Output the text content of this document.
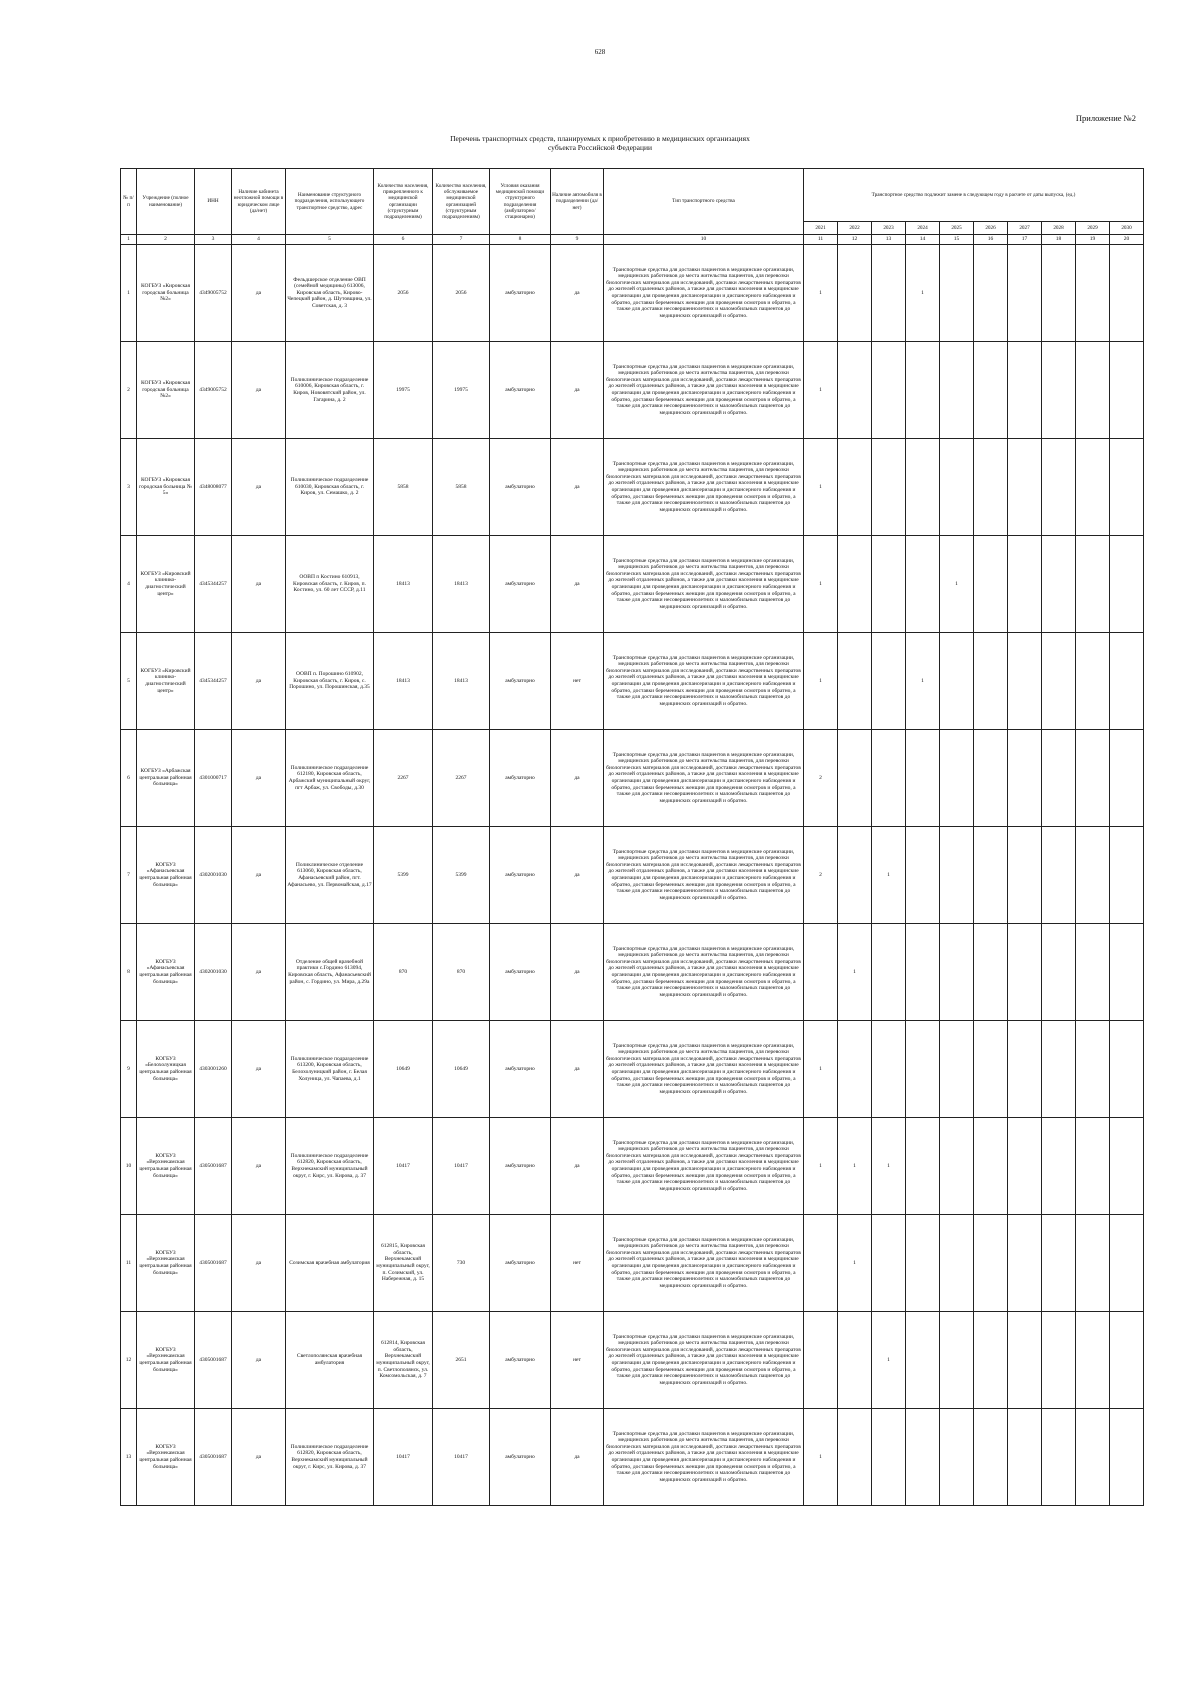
628
Приложение №2
Перечень транспортных средств, планируемых к приобретению в медицинских организациях
субъекта Российской Федерации
№ п/п	Учреждение (полное наименование)	ИНН	Наличие кабинета неотложной помощи в юридическом лице (да/нет)	Наименование структурного подразделения, использующего транспортное средство, адрес	Количество населения, прикрепленного к медицинской организации (структурным подразделениям)	Количество населения, обслуживаемое медицинской организацией (структурным подразделениям)	Условия оказания медицинской помощи структурного подразделения (амбулаторно/стационарно)	Наличие автомобиля в подразделении (да/нет)	Тип транспортного средства	Транспортное средство подлежит замене в следующем году в расчете от даты выпуска, (ед.)									
										2021	2022	2023	2024	2025	2026	2027	2028	2029	2030
1	2	3	4	5	6	7	8	9	10	11	12	13	14	15	16	17	18	19	20
1	КОГБУЗ «Кировская городская больница №2»	4349005752	да	Фельдшерское отделение ОВП (семейной медицины) 613006, Кировская область, Кирово-Чепецкий район, д. Шутовщина, ул. Советская, д. 3	2056	2056	амбулаторно	да	Транспортные средства для доставки пациентов в медицинские организации, медицинских работников до места жительства пациентов, для перевозки биологических материалов для исследований, доставки лекарственных препаратов до жителей отдаленных районов, а также для доставки населения в медицинские организации для проведения диспансеризации и диспансерного наблюдения и обратно, доставки беременных женщин для проведения осмотров и обратно, а также для доставки несовершеннолетних и маломобильных пациентов до медицинских организаций и обратно.	1			1						
2	КОГБУЗ «Кировская городская больница №2»	4349005752	да	Поликлиническое подразделение 610006, Кировская область, г. Киров, Нововятский район, ул. Гагарина, д. 2	19975	19975	амбулаторно	да	Транспортные средства для доставки пациентов в медицинские организации, медицинских работников до места жительства пациентов, для перевозки биологических материалов для исследований, доставки лекарственных препаратов до жителей отдаленных районов, а также для доставки населения в медицинские организации для проведения диспансеризации и диспансерного наблюдения и обратно, доставки беременных женщин для проведения осмотров и обратно, а также для доставки несовершеннолетних и маломобильных пациентов до медицинских организаций и обратно.	1									
3	КОГБУЗ «Кировская городская больница № 5»	4348008077	да	Поликлиническое подразделение 610030, Кировская область, г. Киров, ул. Семашко, д. 2	5858	5858	амбулаторно	да	Транспортные средства для доставки пациентов в медицинские организации, медицинских работников до места жительства пациентов, для перевозки биологических материалов для исследований, доставки лекарственных препаратов до жителей отдаленных районов, а также для доставки населения в медицинские организации для проведения диспансеризации и диспансерного наблюдения и обратно, доставки беременных женщин для проведения осмотров и обратно, а также для доставки несовершеннолетних и маломобильных пациентов до медицинских организаций и обратно.	1									
4	КОГБУЗ «Кировский клинико-диагностический центр»	4345344257	да	ООВП п Костино 610913, Кировская область, г. Киров, п. Костино, ул. 60 лет СССР, д.11	18413	18413	амбулаторно	да	Транспортные средства для доставки пациентов в медицинские организации, медицинских работников до места жительства пациентов, для перевозки биологических материалов для исследований, доставки лекарственных препаратов до жителей отдаленных районов, а также для доставки населения в медицинские организации для проведения диспансеризации и диспансерного наблюдения и обратно, доставки беременных женщин для проведения осмотров и обратно, а также для доставки несовершеннолетних и маломобильных пациентов до медицинских организаций и обратно.	1				1					
5	КОГБУЗ «Кировский клинико-диагностический центр»	4345344257	да	ООВП п. Порошино 610902, Кировская область, г. Киров, с. Порошино, ул. Порошинская, д.35	18413	18413	амбулаторно	нет	Транспортные средства для доставки пациентов в медицинские организации, медицинских работников до места жительства пациентов, для перевозки биологических материалов для исследований, доставки лекарственных препаратов до жителей отдаленных районов, а также для доставки населения в медицинские организации для проведения диспансеризации и диспансерного наблюдения и обратно, доставки беременных женщин для проведения осмотров и обратно, а также для доставки несовершеннолетних и маломобильных пациентов до медицинских организаций и обратно.	1			1						
6	КОГБУЗ «Арбажская центральная районная больница»	4301000717	да	Поликлиническое подразделение 612180, Кировская область, Арбажский муниципальный округ, пгт Арбаж, ул. Свободы, д.30	2267	2267	амбулаторно	да	Транспортные средства для доставки пациентов в медицинские организации, медицинских работников до места жительства пациентов, для перевозки биологических материалов для исследований, доставки лекарственных препаратов до жителей отдаленных районов, а также для доставки населения в медицинские организации для проведения диспансеризации и диспансерного наблюдения и обратно, доставки беременных женщин для проведения осмотров и обратно, а также для доставки несовершеннолетних и маломобильных пациентов до медицинских организаций и обратно.	2									
7	КОГБУЗ «Афанасьевская центральная районная больница»	4302001030	да	Поликлиническое отделение 613060, Кировская область, Афанасьевский район, пгт. Афанасьево, ул. Первомайская, д.17	5399	5399	амбулаторно	да	Транспортные средства для доставки пациентов в медицинские организации, медицинских работников до места жительства пациентов, для перевозки биологических материалов для исследований, доставки лекарственных препаратов до жителей отдаленных районов, а также для доставки населения в медицинские организации для проведения диспансеризации и диспансерного наблюдения и обратно, доставки беременных женщин для проведения осмотров и обратно, а также для доставки несовершеннолетних и маломобильных пациентов до медицинских организаций и обратно.	2		1							
8	КОГБУЗ «Афанасьевская центральная районная больница»	4302001030	да	Отделение общей врачебной практики с.Гордино 613094, Кировская область, Афанасьевский район, с. Гордино, ул. Мира, д.29а	870	870	амбулаторно	да	Транспортные средства для доставки пациентов в медицинские организации, медицинских работников до места жительства пациентов, для перевозки биологических материалов для исследований, доставки лекарственных препаратов до жителей отдаленных районов, а также для доставки населения в медицинские организации для проведения диспансеризации и диспансерного наблюдения и обратно, доставки беременных женщин для проведения осмотров и обратно, а также для доставки несовершеннолетних и маломобильных пациентов до медицинских организаций и обратно.		1								
9	КОГБУЗ «Белохолуницкая центральная районная больница»	4303001260	да	Поликлиническое подразделение 613200, Кировская область, Белохолуницкий район, г. Белая Холуница, ул. Чапаева, д.1	10649	10649	амбулаторно	да	Транспортные средства для доставки пациентов в медицинские организации, медицинских работников до места жительства пациентов, для перевозки биологических материалов для исследований, доставки лекарственных препаратов до жителей отдаленных районов, а также для доставки населения в медицинские организации для проведения диспансеризации и диспансерного наблюдения и обратно, доставки беременных женщин для проведения осмотров и обратно, а также для доставки несовершеннолетних и маломобильных пациентов до медицинских организаций и обратно.	1									
10	КОГБУЗ «Верхнекамская центральная районная больница»	4305001687	да	Поликлиническое подразделение 612820, Кировская область, Верхнекамский муниципальный округ, г. Кирс, ул. Кирова, д. 37	10417	10417	амбулаторно	да	Транспортные средства для доставки пациентов в медицинские организации, медицинских работников до места жительства пациентов, для перевозки биологических материалов для исследований, доставки лекарственных препаратов до жителей отдаленных районов, а также для доставки населения в медицинские организации для проведения диспансеризации и диспансерного наблюдения и обратно, доставки беременных женщин для проведения осмотров и обратно, а также для доставки несовершеннолетних и маломобильных пациентов до медицинских организаций и обратно.	1	1	1							
11	КОГБУЗ «Верхнекамская центральная районная больница»	4305001687	да	Созимская врачебная амбулатория	612815, Кировская область, Верхнекамский муниципальный округ, п. Созимский, ул. Набережная, д. 15	730	амбулаторно	нет	Транспортные средства для доставки пациентов в медицинские организации, медицинских работников до места жительства пациентов, для перевозки биологических материалов для исследований, доставки лекарственных препаратов до жителей отдаленных районов, а также для доставки населения в медицинские организации для проведения диспансеризации и диспансерного наблюдения и обратно, доставки беременных женщин для проведения осмотров и обратно, а также для доставки несовершеннолетних и маломобильных пациентов до медицинских организаций и обратно.		1								
12	КОГБУЗ «Верхнекамская центральная районная больница»	4305001687	да	Светлополянская врачебная амбулатория	612814, Кировская область, Верхнекамский муниципальный округ, п. Светлополянск, ул. Комсомольская, д. 7	2651	амбулаторно	нет	Транспортные средства для доставки пациентов в медицинские организации, медицинских работников до места жительства пациентов, для перевозки биологических материалов для исследований, доставки лекарственных препаратов до жителей отдаленных районов, а также для доставки населения в медицинские организации для проведения диспансеризации и диспансерного наблюдения и обратно, доставки беременных женщин для проведения осмотров и обратно, а также для доставки несовершеннолетних и маломобильных пациентов до медицинских организаций и обратно.			1							
13	КОГБУЗ «Верхнекамская центральная районная больница»	4305001687	да	Поликлиническое подразделение 612820, Кировская область, Верхнекамский муниципальный округ, г. Кирс, ул. Кирова, д. 37	10417	10417	амбулаторно	да	Транспортные средства для доставки пациентов в медицинские организации, медицинских работников до места жительства пациентов, для перевозки биологических материалов для исследований, доставки лекарственных препаратов до жителей отдаленных районов, а также для доставки населения в медицинские организации для проведения диспансеризации и диспансерного наблюдения и обратно, доставки беременных женщин для проведения осмотров и обратно, а также для доставки несовершеннолетних и маломобильных пациентов до медицинских организаций и обратно.	1									
